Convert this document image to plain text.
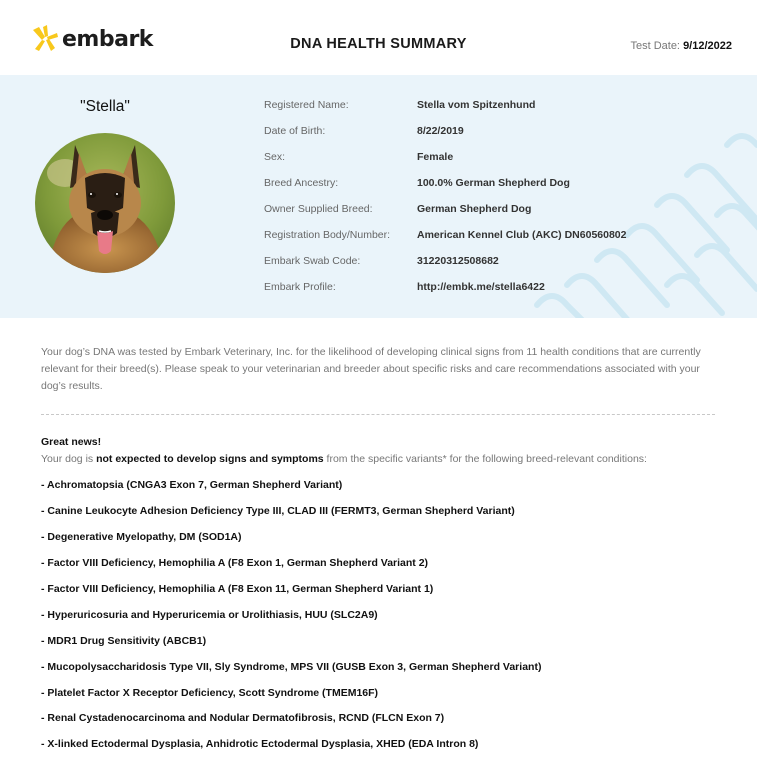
embark	DNA HEALTH SUMMARY	Test Date: 9/12/2022
"Stella"	Registered Name:	Stella vom Spitzenhund
Date of Birth:	8/22/2019
Sex:	Female
Breed Ancestry:	100.0% German Shepherd Dog
Owner Supplied Breed:	German Shepherd Dog
Registration Body/Number:	American Kennel Club (AKC) DN60560802
Embark Swab Code:	31220312508682
Embark Profile:	http://embk.me/stella6422

Your dog’s DNA was tested by Embark Veterinary, Inc. for the likelihood of developing clinical signs from 11 health conditions that are currently relevant for their breed(s). Please speak to your veterinarian and breeder about specific risks and care recommendations associated with your dog’s results.

Great news!
Your dog is not expected to develop signs and symptoms from the specific variants* for the following breed-relevant conditions:
- Achromatopsia (CNGA3 Exon 7, German Shepherd Variant)
- Canine Leukocyte Adhesion Deficiency Type III, CLAD III (FERMT3, German Shepherd Variant)
- Degenerative Myelopathy, DM (SOD1A)
- Factor VIII Deficiency, Hemophilia A (F8 Exon 1, German Shepherd Variant 2)
- Factor VIII Deficiency, Hemophilia A (F8 Exon 11, German Shepherd Variant 1)
- Hyperuricosuria and Hyperuricemia or Urolithiasis, HUU (SLC2A9)
- MDR1 Drug Sensitivity (ABCB1)
- Mucopolysaccharidosis Type VII, Sly Syndrome, MPS VII (GUSB Exon 3, German Shepherd Variant)
- Platelet Factor X Receptor Deficiency, Scott Syndrome (TMEM16F)
- Renal Cystadenocarcinoma and Nodular Dermatofibrosis, RCND (FLCN Exon 7)
- X-linked Ectodermal Dysplasia, Anhidrotic Ectodermal Dysplasia, XHED (EDA Intron 8)
